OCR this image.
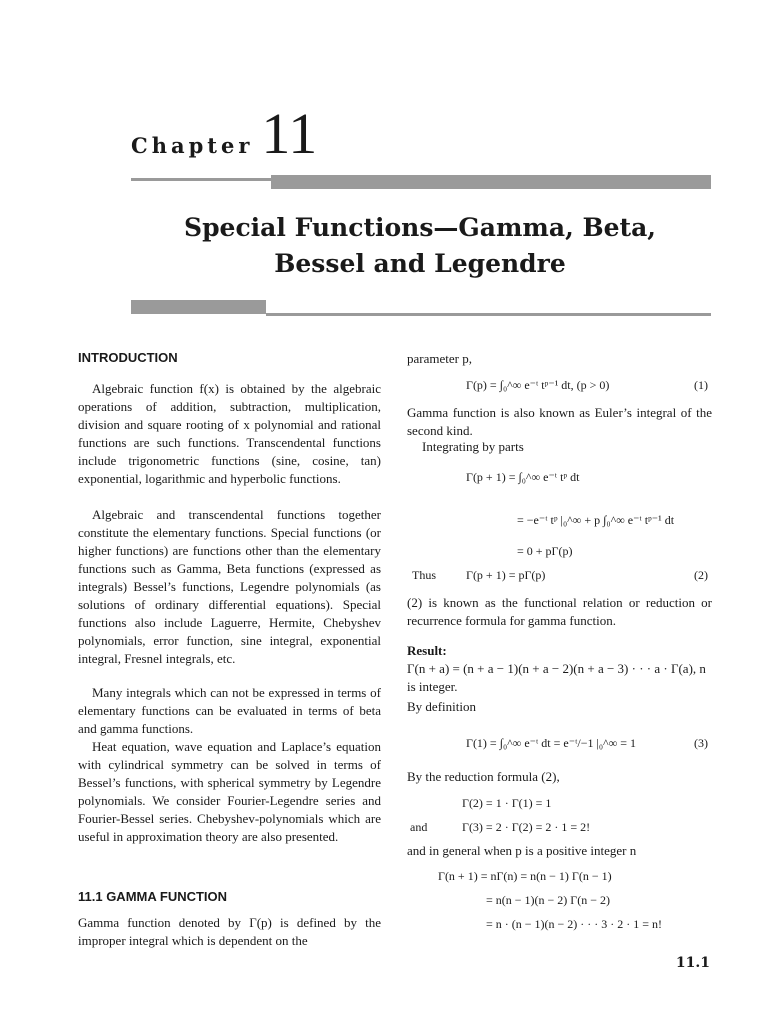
Chapter 11
Special Functions—Gamma, Beta,
Bessel and Legendre
INTRODUCTION
Algebraic function f(x) is obtained by the algebraic operations of addition, subtraction, multiplication, division and square rooting of x polynomial and rational functions are such functions. Transcendental functions include trigonometric functions (sine, cosine, tan) exponential, logarithmic and hyperbolic functions.
Algebraic and transcendental functions together constitute the elementary functions. Special functions (or higher functions) are functions other than the elementary functions such as Gamma, Beta functions (expressed as integrals) Bessel’s functions, Legendre polynomials (as solutions of ordinary differential equations). Special functions also include Laguerre, Hermite, Chebyshev polynomials, error function, sine integral, exponential integral, Fresnel integrals, etc.
Many integrals which can not be expressed in terms of elementary functions can be evaluated in terms of beta and gamma functions.
Heat equation, wave equation and Laplace’s equation with cylindrical symmetry can be solved in terms of Bessel’s functions, with spherical symmetry by Legendre polynomials. We consider Fourier-Legendre series and Fourier-Bessel series. Chebyshev-polynomials which are useful in approximation theory are also presented.
11.1 GAMMA FUNCTION
Gamma function denoted by Γ(p) is defined by the improper integral which is dependent on the
parameter p,
Γ(p) = ∫₀^∞ e⁻ᵗ tᵖ⁻¹ dt, (p > 0)	(1)
Gamma function is also known as Euler’s integral of the second kind.
Integrating by parts
Γ(p + 1) = ∫₀^∞ e⁻ᵗ tᵖ dt
= −e⁻ᵗ tᵖ |₀^∞ + p ∫₀^∞ e⁻ᵗ tᵖ⁻¹ dt
= 0 + pΓ(p)
Thus	Γ(p + 1) = pΓ(p)	(2)
(2) is known as the functional relation or reduction or recurrence formula for gamma function.
Result:
Γ(n + a) = (n + a − 1)(n + a − 2)(n + a − 3) · · · a · Γ(a), n is integer.
By definition
Γ(1) = ∫₀^∞ e⁻ᵗ dt = e⁻ᵗ/−1 |₀^∞ = 1	(3)
By the reduction formula (2),
Γ(2) = 1 · Γ(1) = 1
and	Γ(3) = 2 · Γ(2) = 2 · 1 = 2!
and in general when p is a positive integer n
Γ(n + 1) = nΓ(n) = n(n − 1) Γ(n − 1)
= n(n − 1)(n − 2) Γ(n − 2)
= n · (n − 1)(n − 2) · · · 3 · 2 · 1 = n!
11.1
